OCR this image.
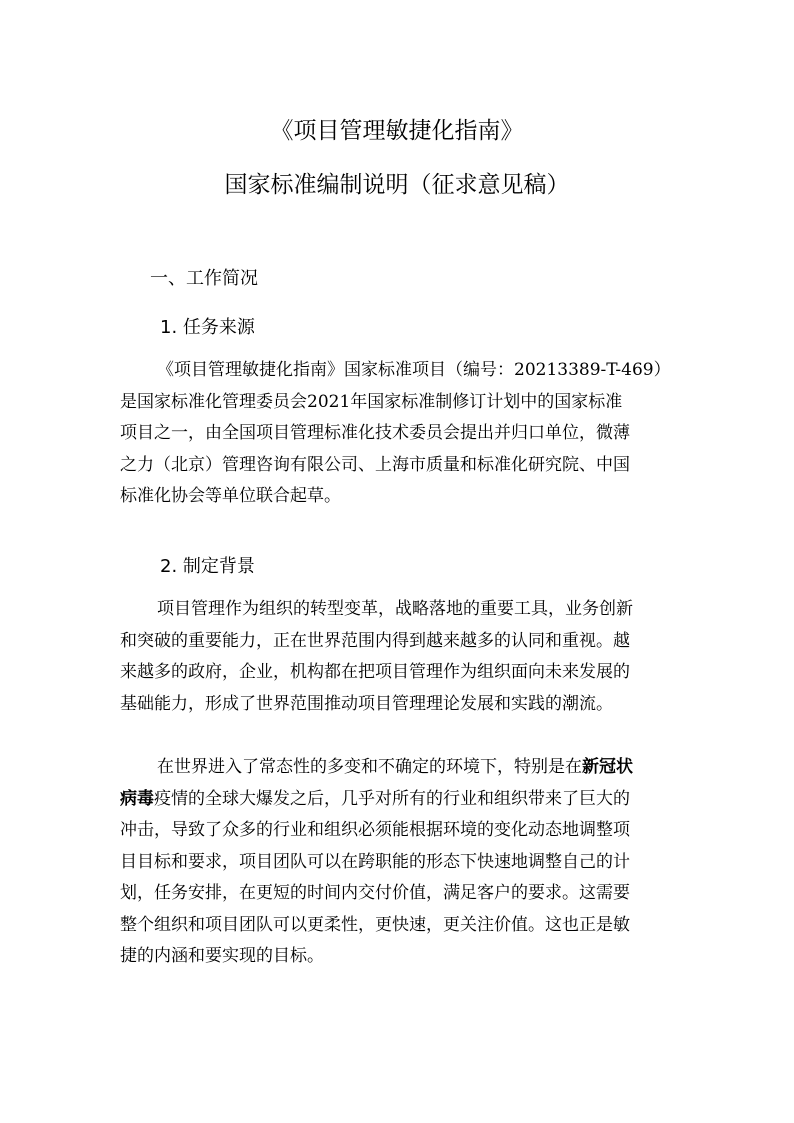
《项目管理敏捷化指南》
国家标准编制说明（征求意见稿）
一、工作简况
1. 任务来源
《项目管理敏捷化指南》国家标准项目（编号：20213389-T-469）
是国家标准化管理委员会2021年国家标准制修订计划中的国家标准
项目之一，由全国项目管理标准化技术委员会提出并归口单位，微薄
之力（北京）管理咨询有限公司、上海市质量和标准化研究院、中国
标准化协会等单位联合起草。
2. 制定背景
项目管理作为组织的转型变革，战略落地的重要工具，业务创新
和突破的重要能力，正在世界范围内得到越来越多的认同和重视。越
来越多的政府，企业，机构都在把项目管理作为组织面向未来发展的
基础能力，形成了世界范围推动项目管理理论发展和实践的潮流。
在世界进入了常态性的多变和不确定的环境下，特别是在新冠状
病毒疫情的全球大爆发之后，几乎对所有的行业和组织带来了巨大的
冲击，导致了众多的行业和组织必须能根据环境的变化动态地调整项
目目标和要求，项目团队可以在跨职能的形态下快速地调整自己的计
划，任务安排，在更短的时间内交付价值，满足客户的要求。这需要
整个组织和项目团队可以更柔性，更快速，更关注价值。这也正是敏
捷的内涵和要实现的目标。
